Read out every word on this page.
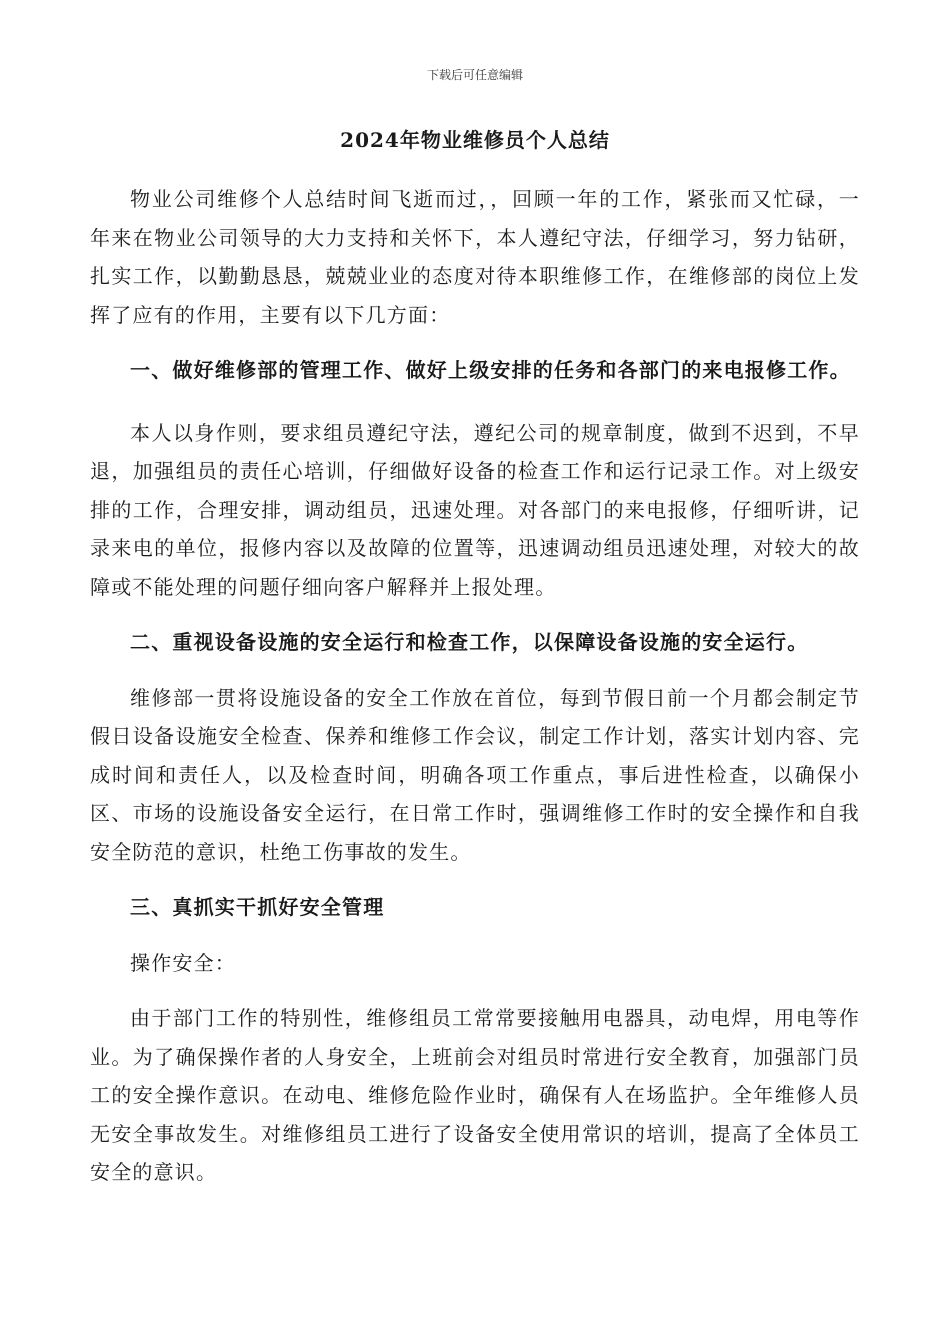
下载后可任意编辑
2024年物业维修员个人总结

物业公司维修个人总结时间飞逝而过，，回顾一年的工作，紧张而又忙碌，一年来在物业公司领导的大力支持和关怀下，本人遵纪守法，仔细学习，努力钻研，扎实工作，以勤勤恳恳，兢兢业业的态度对待本职维修工作，在维修部的岗位上发挥了应有的作用，主要有以下几方面：

一、做好维修部的管理工作、做好上级安排的任务和各部门的来电报修工作。

本人以身作则，要求组员遵纪守法，遵纪公司的规章制度，做到不迟到，不早退，加强组员的责任心培训，仔细做好设备的检查工作和运行记录工作。对上级安排的工作，合理安排，调动组员，迅速处理。对各部门的来电报修，仔细听讲，记录来电的单位，报修内容以及故障的位置等，迅速调动组员迅速处理，对较大的故障或不能处理的问题仔细向客户解释并上报处理。

二、重视设备设施的安全运行和检查工作，以保障设备设施的安全运行。

维修部一贯将设施设备的安全工作放在首位，每到节假日前一个月都会制定节假日设备设施安全检查、保养和维修工作会议，制定工作计划，落实计划内容、完成时间和责任人，以及检查时间，明确各项工作重点，事后进性检查，以确保小区、市场的设施设备安全运行，在日常工作时，强调维修工作时的安全操作和自我安全防范的意识，杜绝工伤事故的发生。

三、真抓实干抓好安全管理

操作安全：

由于部门工作的特别性，维修组员工常常要接触用电器具，动电焊，用电等作业。为了确保操作者的人身安全，上班前会对组员时常进行安全教育，加强部门员工的安全操作意识。在动电、维修危险作业时，确保有人在场监护。全年维修人员无安全事故发生。对维修组员工进行了设备安全使用常识的培训，提高了全体员工安全的意识。
